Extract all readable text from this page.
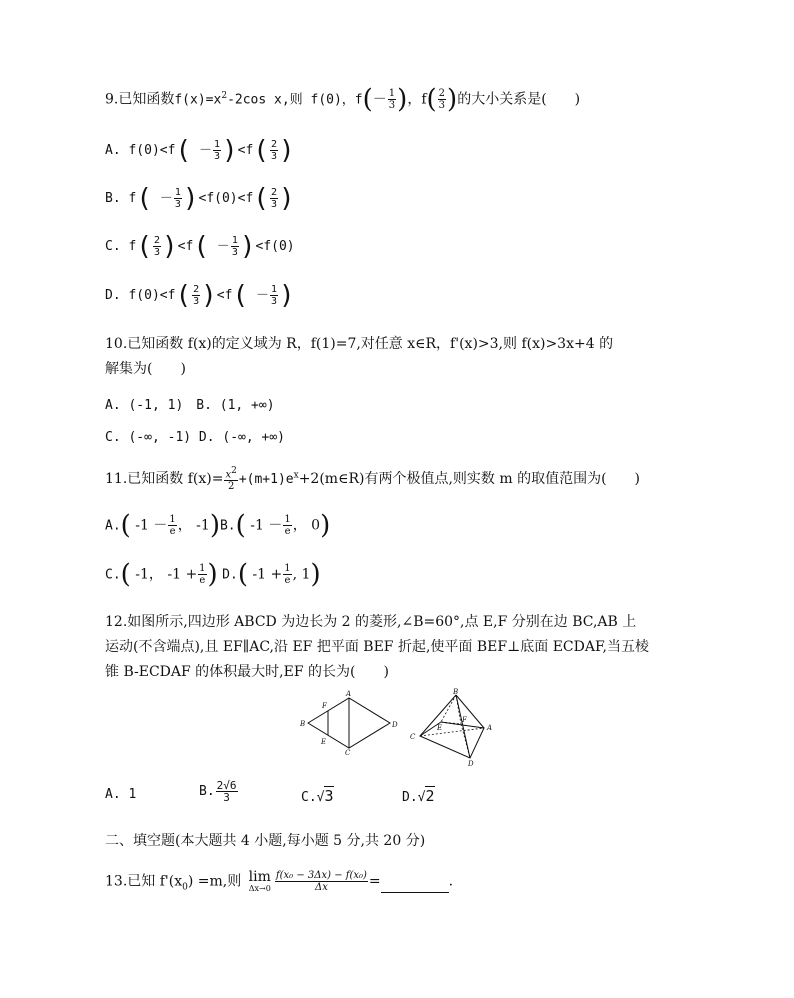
9.已知函数$f(x)=x^2-2\cos$ x,则 f(0)，$f(- \frac{1}{3}$ )，$f( \frac{2}{3}$ )的大小关系是(　　)
A. $f(0)<f( - \frac{1}{3} )<f( \frac{2}{3}$ )
B. $f( - \frac{1}{3} )<f(0)<f( \frac{2}{3}$ )
C. $f( \frac{2}{3} )<f( - \frac{1}{3} )<f(0)$
D. $f(0)<f( \frac{2}{3} )<f( - \frac{1}{3}$ )
10.已知函数 f(x)的定义域为 R，f(1)=7,对任意 x∈R，f'(x)>3,则 f(x)>3x+4 的
解集为(　　)
A. (-1, 1)　B. (1, +∞)
C. (-∞, -1) D. (-∞, +∞)
11.已知函数 $f(x)= \frac{x2}{2}$ $+(m+1)e^x+2(m\in R)$有两个极值点,则实数 m 的取值范围为(　　)
A.( $-1 - \frac{1}{e}$ ， -1)B.( $-1 - \frac{1}{e}$ ， 0)
C.( -1， $-1 + \frac{1}{e}$ ) D.( $-1 + \frac{1}{e}$ , 1)
12.如图所示,四边形 ABCD 为边长为 2 的菱形,∠B=60°,点 E,F 分别在边 BC,AB 上
运动(不含端点),且 EF∥AC,沿 EF 把平面 BEF 折起,使平面 BEF⊥底面 ECDAF,当五棱
锥 B-ECDAF 的体积最大时,EF 的长为(　　)
B
F
A
D
E
C
B
E
F
A
C
D
A. 1	B. $\frac{2√6}{3}$	C.√3	D.√2
二、填空题(本大题共 4 小题,每小题 5 分,共 20 分)
13.已知 $f'(x_0) =m$,则 lim
$\Delta x\to 0 \frac{\text{f(x₀ − 3Δx) − f(x₀)}}{\Delta x}$ =	.
